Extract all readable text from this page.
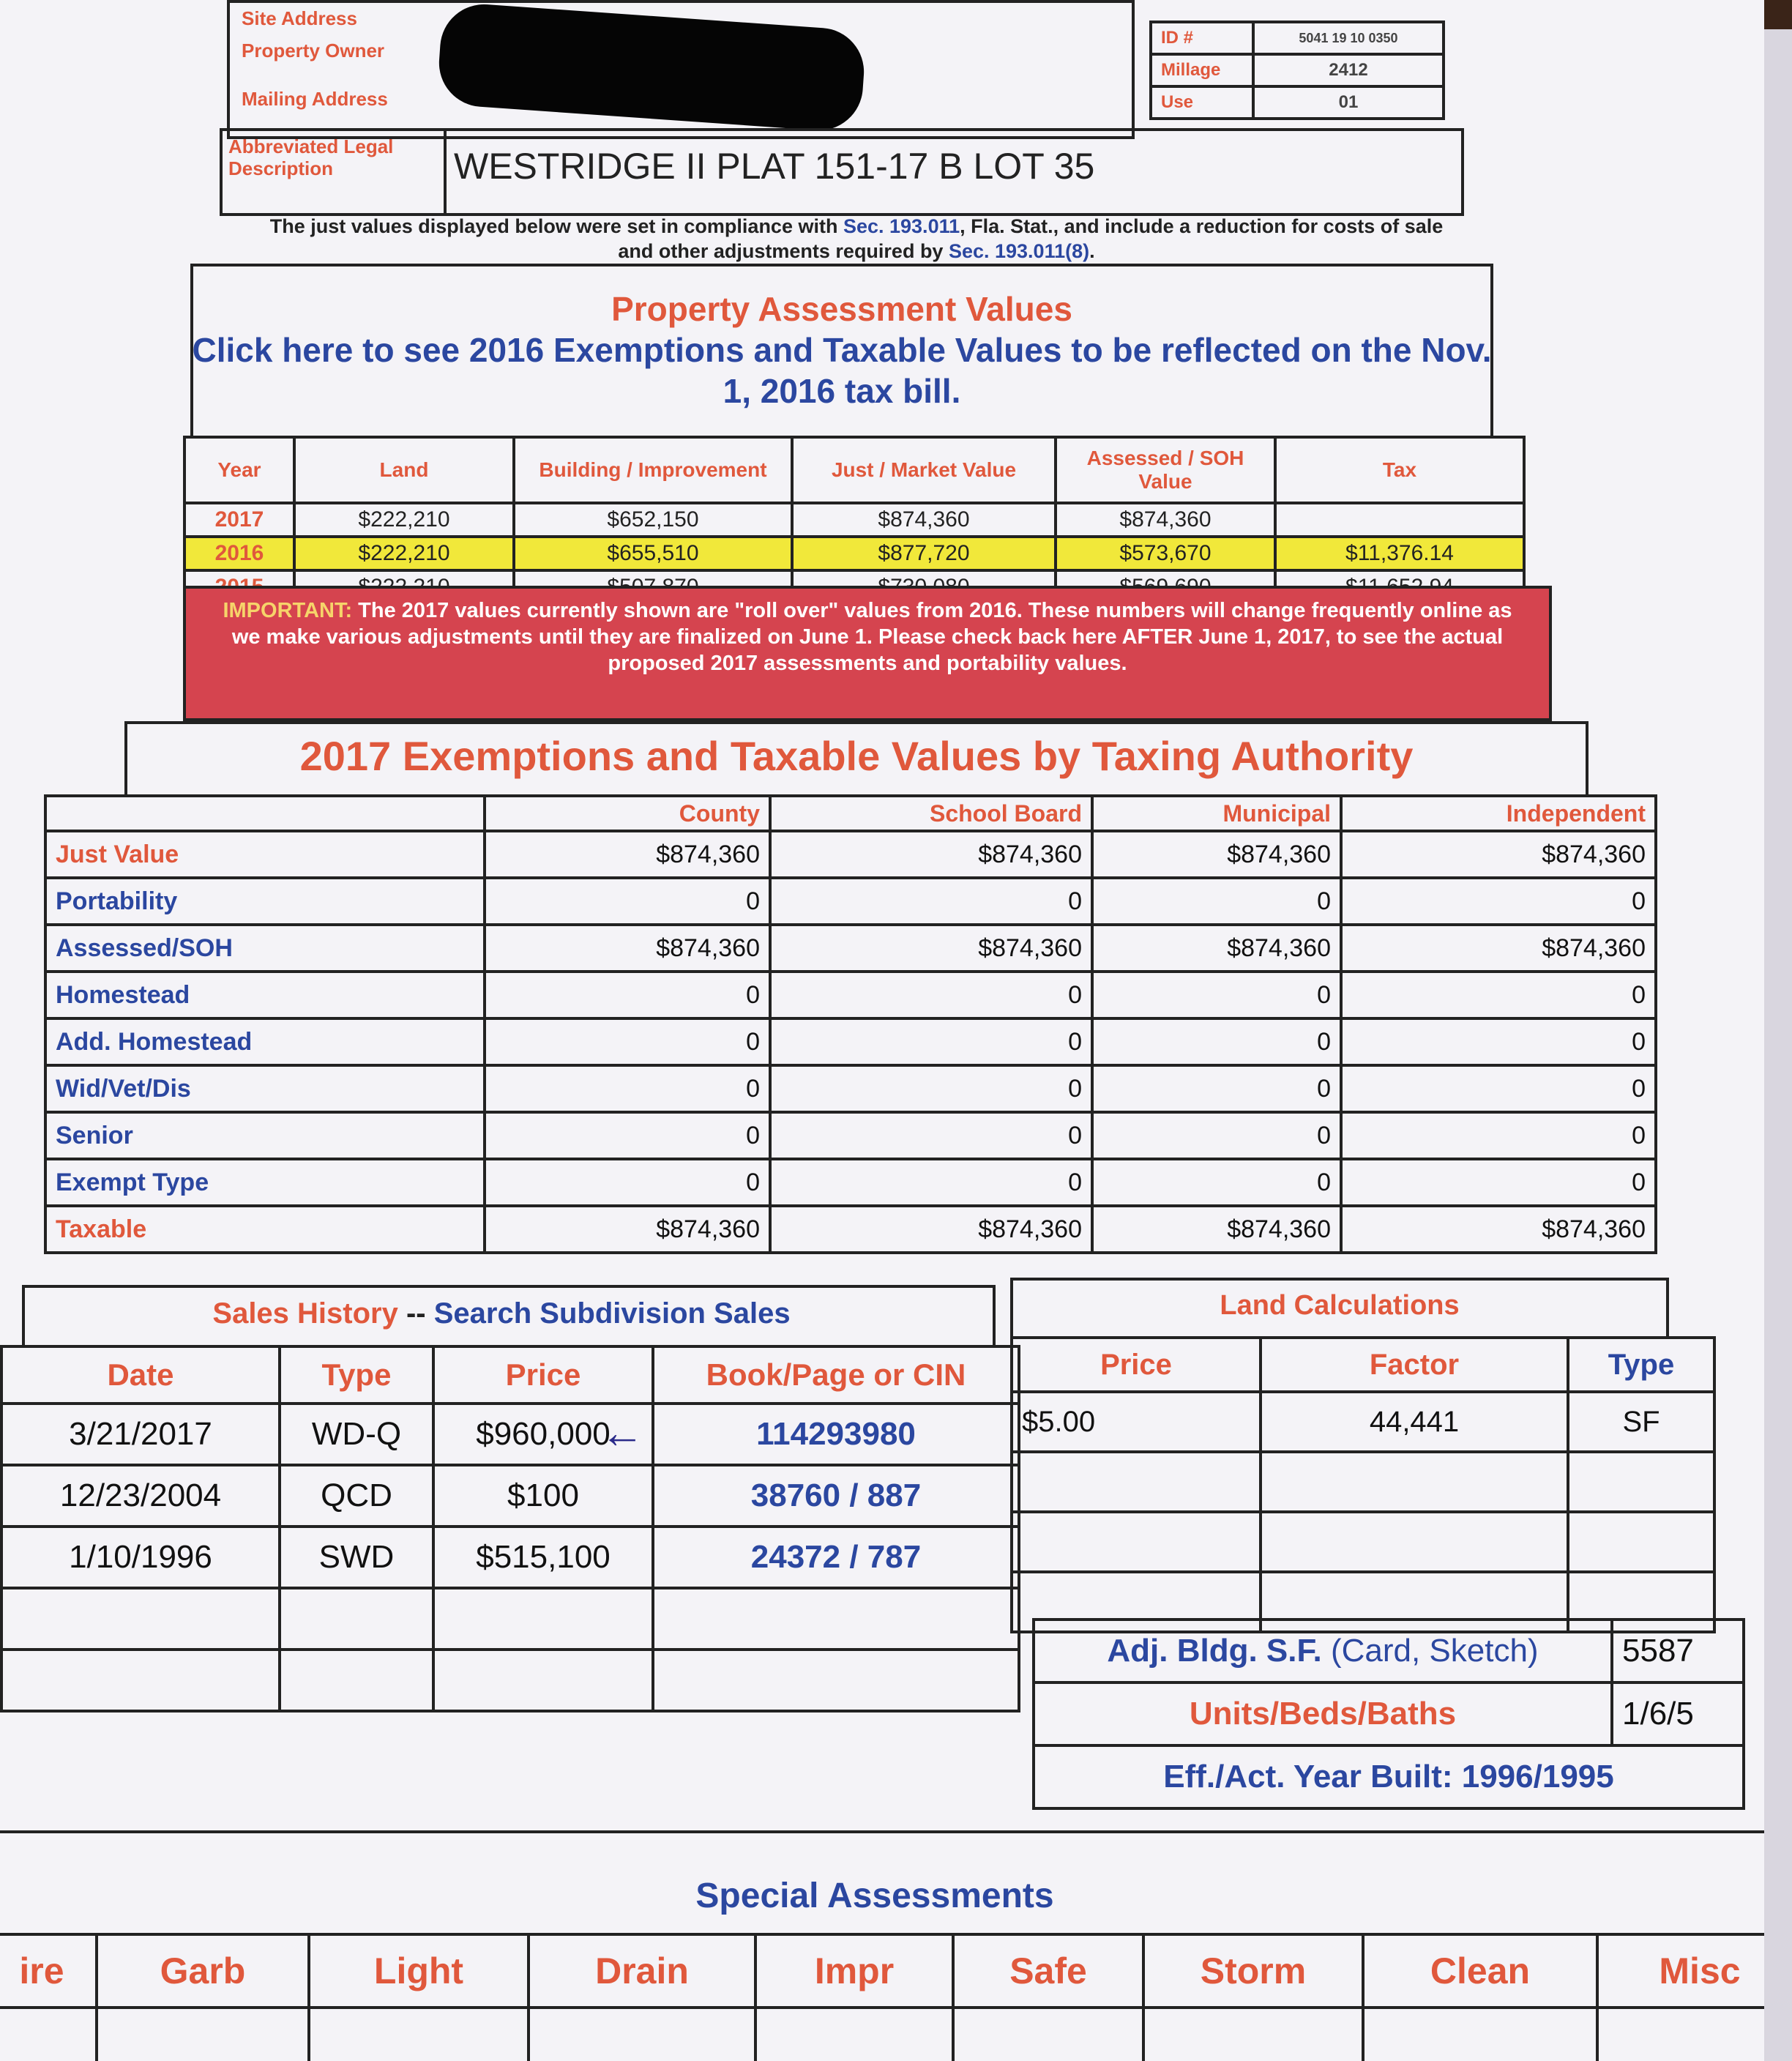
Site Address
Property Owner
Mailing Address
ID #	5041 19 10 0350
Millage	2412
Use	01
Abbreviated Legal Description	WESTRIDGE II PLAT 151-17 B LOT 35
The just values displayed below were set in compliance with Sec. 193.011, Fla. Stat., and include a reduction for costs of sale and other adjustments required by Sec. 193.011(8).
Property Assessment Values
Click here to see 2016 Exemptions and Taxable Values to be reflected on the Nov. 1, 2016 tax bill.
Year	Land	Building / Improvement	Just / Market Value	Assessed / SOH Value	Tax
2017	$222,210	$652,150	$874,360	$874,360	
2016	$222,210	$655,510	$877,720	$573,670	$11,376.14

IMPORTANT: The 2017 values currently shown are "roll over" values from 2016. These numbers will change frequently online as we make various adjustments until they are finalized on June 1. Please check back here AFTER June 1, 2017, to see the actual proposed 2017 assessments and portability values.
2017 Exemptions and Taxable Values by Taxing Authority
	County	School Board	Municipal	Independent
Just Value	$874,360	$874,360	$874,360	$874,360
Portability	0	0	0	0
Assessed/SOH	$874,360	$874,360	$874,360	$874,360
Homestead	0	0	0	0
Add. Homestead	0	0	0	0
Wid/Vet/Dis	0	0	0	0
Senior	0	0	0	0
Exempt Type	0	0	0	0
Taxable	$874,360	$874,360	$874,360	$874,360
Sales History -- Search Subdivision Sales
Date	Type	Price	Book/Page or CIN
3/21/2017	WD-Q	$960,000	114293980
12/23/2004	QCD	$100	38760 / 887
1/10/1996	SWD	$515,100	24372 / 787

←
Land Calculations
Price	Factor	Type
$5.00	44,441	SF

Adj. Bldg. S.F. (Card, Sketch)	5587
Units/Beds/Baths	1/6/5
Eff./Act. Year Built: 1996/1995	
Special Assessments
ire	Garb	Light	Drain	Impr	Safe	Storm	Clean	Misc
